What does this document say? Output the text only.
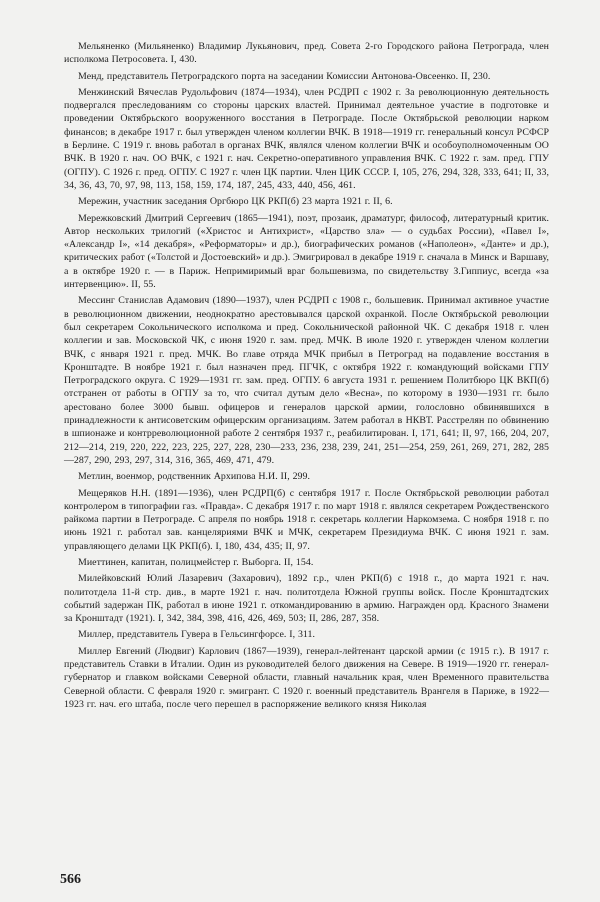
Мельяненко (Мильяненко) Владимир Лукьянович, пред. Совета 2-го Городского района Петрограда, член исполкома Петросовета. I, 430.

Менд, представитель Петроградского порта на заседании Комиссии Антонова-Овсеенко. II, 230.

Менжинский Вячеслав Рудольфович (1874—1934), член РСДРП с 1902 г. За революционную деятельность подвергался преследованиям со стороны царских властей. Принимал деятельное участие в подготовке и проведении Октябрьского вооруженного восстания в Петрограде. После Октябрьской революции нарком финансов; в декабре 1917 г. был утвержден членом коллегии ВЧК. В 1918—1919 гг. генеральный консул РСФСР в Берлине. С 1919 г. вновь работал в органах ВЧК, являлся членом коллегии ВЧК и особоуполномоченным ОО ВЧК. В 1920 г. нач. ОО ВЧК, с 1921 г. нач. Секретно-оперативного управления ВЧК. С 1922 г. зам. пред. ГПУ (ОГПУ). С 1926 г. пред. ОГПУ. С 1927 г. член ЦК партии. Член ЦИК СССР. I, 105, 276, 294, 328, 333, 641; II, 33, 34, 36, 43, 70, 97, 98, 113, 158, 159, 174, 187, 245, 433, 440, 456, 461.

Мережин, участник заседания Оргбюро ЦК РКП(б) 23 марта 1921 г. II, 6.

Мережковский Дмитрий Сергеевич (1865—1941), поэт, прозаик, драматург, философ, литературный критик. Автор нескольких трилогий («Христос и Антихрист», «Царство зла» — о судьбах России), «Павел I», «Александр I», «14 декабря», «Реформаторы» и др.), биографических романов («Наполеон», «Данте» и др.), критических работ («Толстой и Достоевский» и др.). Эмигрировал в декабре 1919 г. сначала в Минск и Варшаву, а в октябре 1920 г. — в Париж. Непримиримый враг большевизма, по свидетельству З.Гиппиус, всегда «за интервенцию». II, 55.

Мессинг Станислав Адамович (1890—1937), член РСДРП с 1908 г., большевик. Принимал активное участие в революционном движении, неоднократно арестовывался царской охранкой. После Октябрьской революции был секретарем Сокольнического исполкома и пред. Сокольнической районной ЧК. С декабря 1918 г. член коллегии и зав. Московской ЧК, с июня 1920 г. зам. пред. МЧК. В июле 1920 г. утвержден членом коллегии ВЧК, с января 1921 г. пред. МЧК. Во главе отряда МЧК прибыл в Петроград на подавление восстания в Кронштадте. В ноябре 1921 г. был назначен пред. ПГЧК, с октября 1922 г. командующий войсками ГПУ Петроградского округа. С 1929—1931 гг. зам. пред. ОГПУ. 6 августа 1931 г. решением Политбюро ЦК ВКП(б) отстранен от работы в ОГПУ за то, что считал дутым дело «Весна», по которому в 1930—1931 гг. было арестовано более 3000 бывш. офицеров и генералов царской армии, голословно обвинявшихся в принадлежности к антисоветским офицерским организациям. Затем работал в НКВТ. Расстрелян по обвинению в шпионаже и контрреволюционной работе 2 сентября 1937 г., реабилитирован. I, 171, 641; II, 97, 166, 204, 207, 212—214, 219, 220, 222, 223, 225, 227, 228, 230—233, 236, 238, 239, 241, 251—254, 259, 261, 269, 271, 282, 285—287, 290, 293, 297, 314, 316, 365, 469, 471, 479.

Метлин, военмор, родственник Архипова Н.И. II, 299.

Мещеряков Н.Н. (1891—1936), член РСДРП(б) с сентября 1917 г. После Октябрьской революции работал контролером в типографии газ. «Правда». С декабря 1917 г. по март 1918 г. являлся секретарем Рождественского райкома партии в Петрограде. С апреля по ноябрь 1918 г. секретарь коллегии Наркомзема. С ноября 1918 г. по июнь 1921 г. работал зав. канцеляриями ВЧК и МЧК, секретарем Президиума ВЧК. С июня 1921 г. зам. управляющего делами ЦК РКП(б). I, 180, 434, 435; II, 97.

Миеттинен, капитан, полицмейстер г. Выборга. II, 154.

Милейковский Юлий Лазаревич (Захарович), 1892 г.р., член РКП(б) с 1918 г., до марта 1921 г. нач. политотдела 11-й стр. див., в марте 1921 г. нач. политотдела Южной группы войск. После Кронштадтских событий задержан ПК, работал в июне 1921 г. откомандированию в армию. Награжден орд. Красного Знамени за Кронштадт (1921). I, 342, 384, 398, 416, 426, 469, 503; II, 286, 287, 358.

Миллер, представитель Гувера в Гельсингфорсе. I, 311.

Миллер Евгений (Людвиг) Карлович (1867—1939), генерал-лейтенант царской армии (с 1915 г.). В 1917 г. представитель Ставки в Италии. Один из руководителей белого движения на Севере. В 1919—1920 гг. генерал-губернатор и главком войсками Северной области, главный начальник края, член Временного правительства Северной области. С февраля 1920 г. эмигрант. С 1920 г. военный представитель Врангеля в Париже, в 1922—1923 гг. нач. его штаба, после чего перешел в распоряжение великого князя Николая

566
